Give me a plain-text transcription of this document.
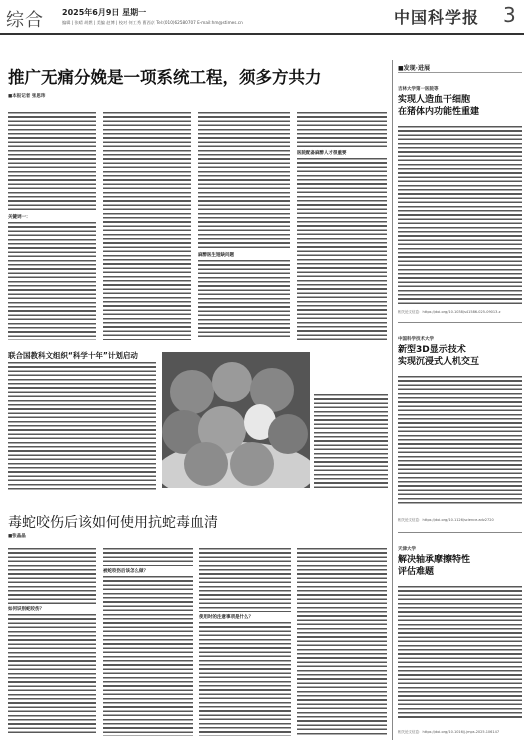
综合 2025年6月9日 星期一
编辑 | 张晴 胡燃 | 美编 赵博 | 校对 何工秀 曹西京 Tel:(010)62580707 E-mail:hm@stimes.cn	中国科学报 3
推广无痛分娩是一项系统工程，须多方共力
■本报记者 张思玮
关键词一：
麻醉医生短缺问题
医院配备麻醉人才很重要
联合国教科文组织“科学十年”计划启动
毒蛇咬伤后该如何使用抗蛇毒血清
■张晶晶
如何识别蛇咬伤？
被蛇咬伤后该怎么做？
使用时的注意事项是什么？
■发现·进展
吉林大学第一医院等
实现人造血干细胞
在猪体内功能性重建
相关论文信息：https://doi.org/10.1038/s41586-025-09013-z
中国科学技术大学
新型3D显示技术
实现沉浸式人机交互
相关论文信息：https://doi.org/10.1126/science.adv2720
天津大学
解决轴承摩擦特性
评估难题
相关论文信息：https://doi.org/10.1016/j.jmps.2025.106147
